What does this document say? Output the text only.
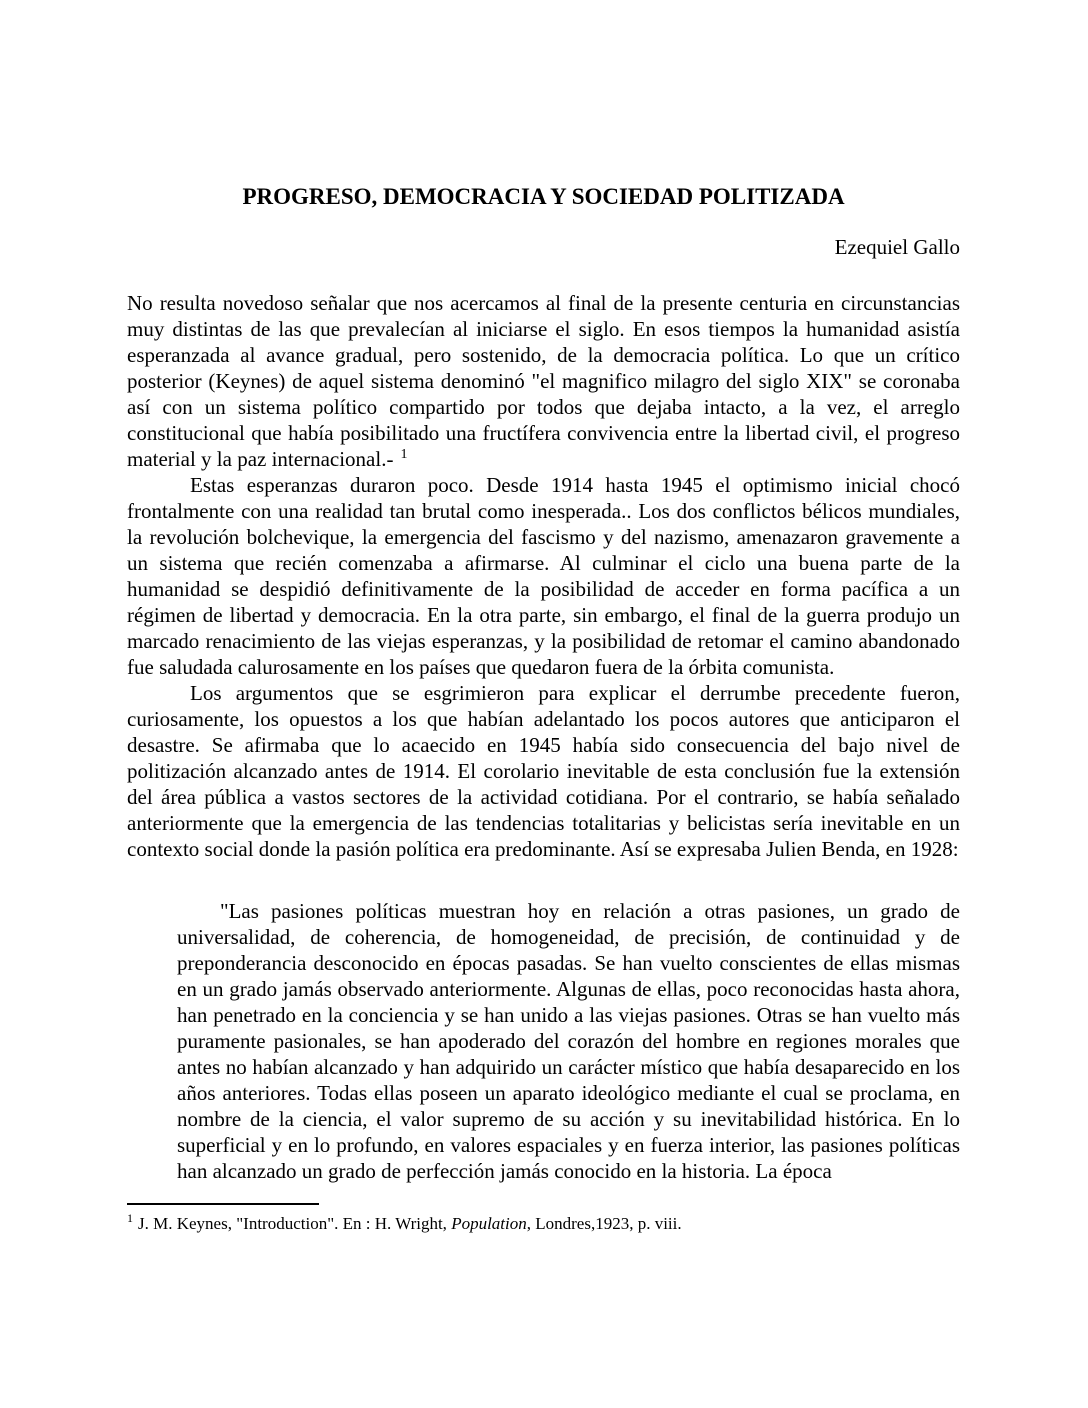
PROGRESO, DEMOCRACIA Y SOCIEDAD POLITIZADA
Ezequiel Gallo

No resulta novedoso señalar que nos acercamos al final de la presente centuria en circunstancias muy distintas de las que prevalecían al iniciarse el siglo. En esos tiempos la humanidad asistía esperanzada al avance gradual, pero sostenido, de la democracia política. Lo que un crítico posterior (Keynes) de aquel sistema denominó "el magnifico milagro del siglo XIX" se coronaba así con un sistema político compartido por todos que dejaba intacto, a la vez, el arreglo constitucional que había posibilitado una fructífera convivencia entre la libertad civil, el progreso material y la paz internacional.- $^1$

Estas esperanzas duraron poco. Desde 1914 hasta 1945 el optimismo inicial chocó frontalmente con una realidad tan brutal como inesperada.. Los dos conflictos bélicos mundiales, la revolución bolchevique, la emergencia del fascismo y del nazismo, amenazaron gravemente a un sistema que recién comenzaba a afirmarse. Al culminar el ciclo una buena parte de la humanidad se despidió definitivamente de la posibilidad de acceder en forma pacífica a un régimen de libertad y democracia. En la otra parte, sin embargo, el final de la guerra produjo un marcado renacimiento de las viejas esperanzas, y la posibilidad de retomar el camino abandonado fue saludada calurosamente en los países que quedaron fuera de la órbita comunista.

Los argumentos que se esgrimieron para explicar el derrumbe precedente fueron, curiosamente, los opuestos a los que habían adelantado los pocos autores que anticiparon el desastre. Se afirmaba que lo acaecido en 1945 había sido consecuencia del bajo nivel de politización alcanzado antes de 1914. El corolario inevitable de esta conclusión fue la extensión del área pública a vastos sectores de la actividad cotidiana. Por el contrario, se había señalado anteriormente que la emergencia de las tendencias totalitarias y belicistas sería inevitable en un contexto social donde la pasión política era predominante. Así se expresaba Julien Benda, en 1928:

"Las pasiones políticas muestran hoy en relación a otras pasiones, un grado de universalidad, de coherencia, de homogeneidad, de precisión, de continuidad y de preponderancia desconocido en épocas pasadas. Se han vuelto conscientes de ellas mismas en un grado jamás observado anteriormente. Algunas de ellas, poco reconocidas hasta ahora, han penetrado en la conciencia y se han unido a las viejas pasiones. Otras se han vuelto más puramente pasionales, se han apoderado del corazón del hombre en regiones morales que antes no habían alcanzado y han adquirido un carácter místico que había desaparecido en los años anteriores. Todas ellas poseen un aparato ideológico mediante el cual se proclama, en nombre de la ciencia, el valor supremo de su acción y su inevitabilidad histórica. En lo superficial y en lo profundo, en valores espaciales y en fuerza interior, las pasiones políticas han alcanzado un grado de perfección jamás conocido en la historia. La época
$^1$ J. M. Keynes, "Introduction". En : H. Wright, Population, Londres,1923, p. viii.
